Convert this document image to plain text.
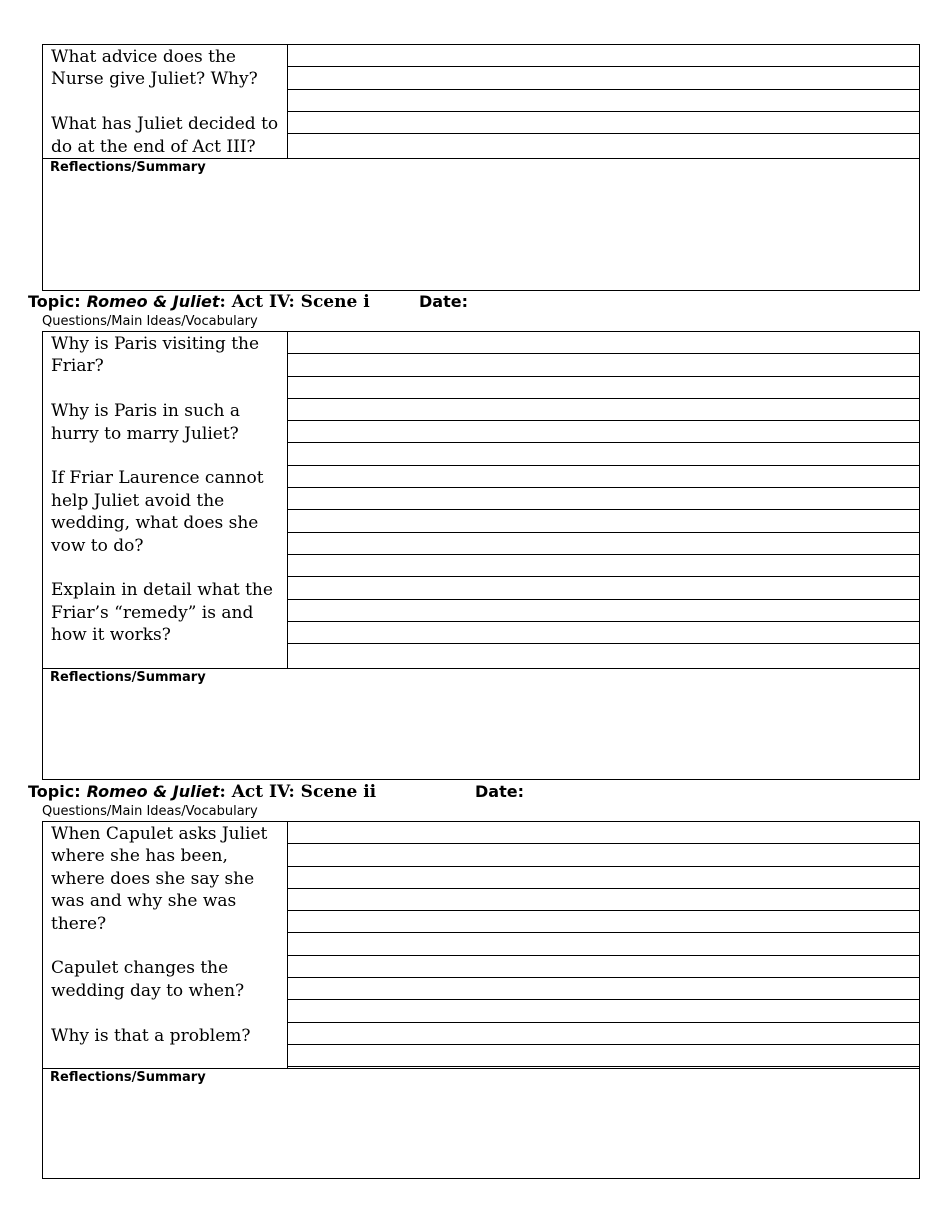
What advice does the Nurse give Juliet? Why?

What has Juliet decided to do at the end of Act III?

Reflections/Summary
Topic: Romeo & Juliet: Act IV: Scene i	Date:
Questions/Main Ideas/Vocabulary

Why is Paris visiting the Friar?

Why is Paris in such a hurry to marry Juliet?

If Friar Laurence cannot help Juliet avoid the wedding, what does she vow to do?

Explain in detail what the Friar’s “remedy” is and how it works?

Reflections/Summary
Topic: Romeo & Juliet: Act IV: Scene ii	Date:
Questions/Main Ideas/Vocabulary

When Capulet asks Juliet where she has been, where does she say she was and why she was there?

Capulet changes the wedding day to when?

Why is that a problem?

Reflections/Summary
